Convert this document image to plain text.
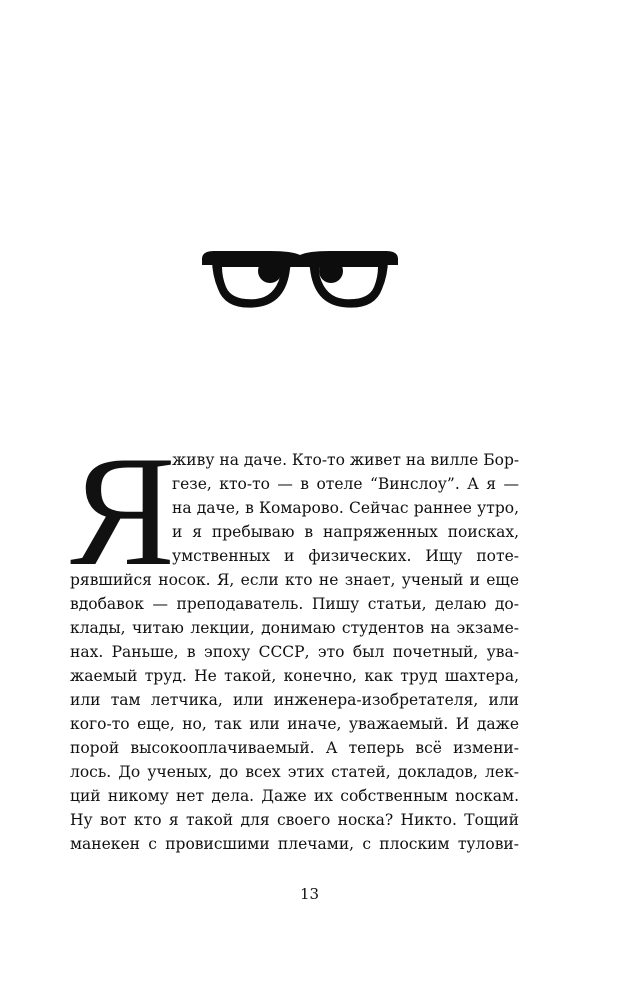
Я
живу на даче. Кто-то живет на вилле Бор-
гезе, кто-то — в отеле “Винслоу”. А я —
на даче, в Комарово. Сейчас раннее утро,
и я пребываю в напряженных поисках,
умственных и физических. Ищу поте-
рявшийся носок. Я, если кто не знает, ученый и еще
вдобавок — преподаватель. Пишу статьи, делаю до-
клады, читаю лекции, донимаю студентов на экзаме-
нах. Раньше, в эпоху СССР, это был почетный, ува-
жаемый труд. Не такой, конечно, как труд шахтера,
или там летчика, или инженера-изобретателя, или
кого-то еще, но, так или иначе, уважаемый. И даже
порой высокооплачиваемый. А теперь всё измени-
лось. До ученых, до всех этих статей, докладов, лек-
ций никому нет дела. Даже их собственным noскам.
Ну вот кто я такой для своего носка? Никто. Тощий
манекен с провисшими плечами, с плоским тулови-
13
